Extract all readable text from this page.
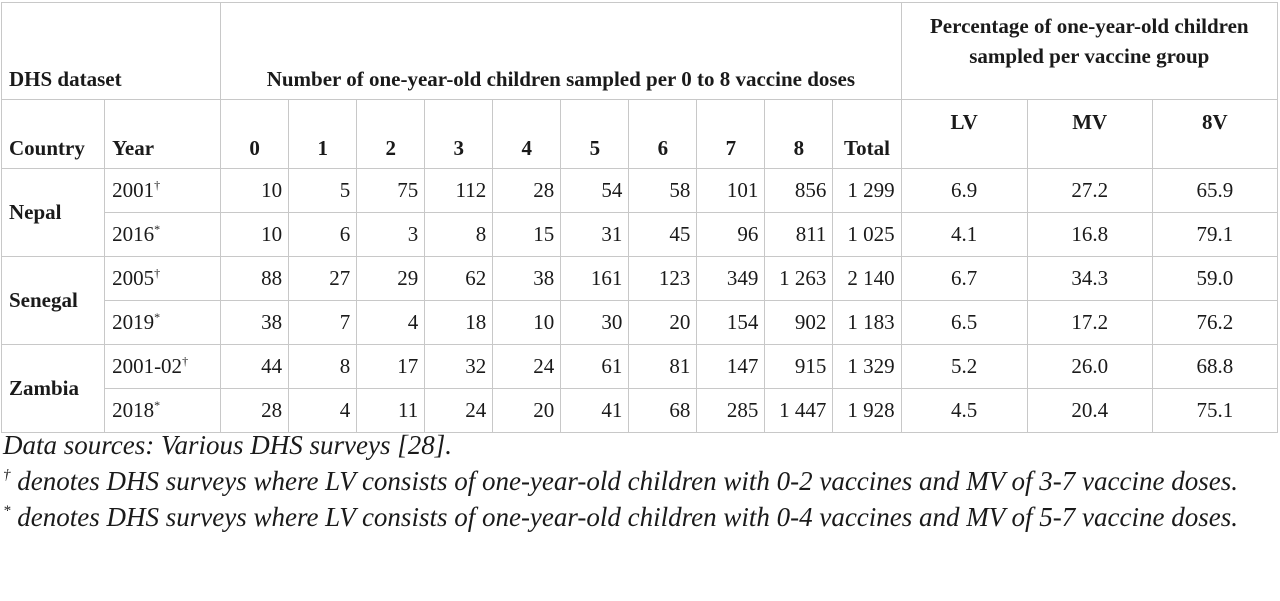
DHS dataset		Number of one-year-old children sampled per 0 to 8 vaccine doses										Percentage of one-year-old children sampled per vaccine group		
Country	Year	0	1	2	3	4	5	6	7	8	Total	LV	MV	8V
Nepal	2001†	10	5	75	112	28	54	58	101	856	1 299	6.9	27.2	65.9
	2016*	10	6	3	8	15	31	45	96	811	1 025	4.1	16.8	79.1
Senegal	2005†	88	27	29	62	38	161	123	349	1 263	2 140	6.7	34.3	59.0
	2019*	38	7	4	18	10	30	20	154	902	1 183	6.5	17.2	76.2
Zambia	2001-02†	44	8	17	32	24	61	81	147	915	1 329	5.2	26.0	68.8
	2018*	28	4	11	24	20	41	68	285	1 447	1 928	4.5	20.4	75.1

Data sources: Various DHS surveys [28].

† denotes DHS surveys where LV consists of one-year-old children with 0-2 vaccines and MV of 3-7 vaccine doses.

* denotes DHS surveys where LV consists of one-year-old children with 0-4 vaccines and MV of 5-7 vaccine doses.
